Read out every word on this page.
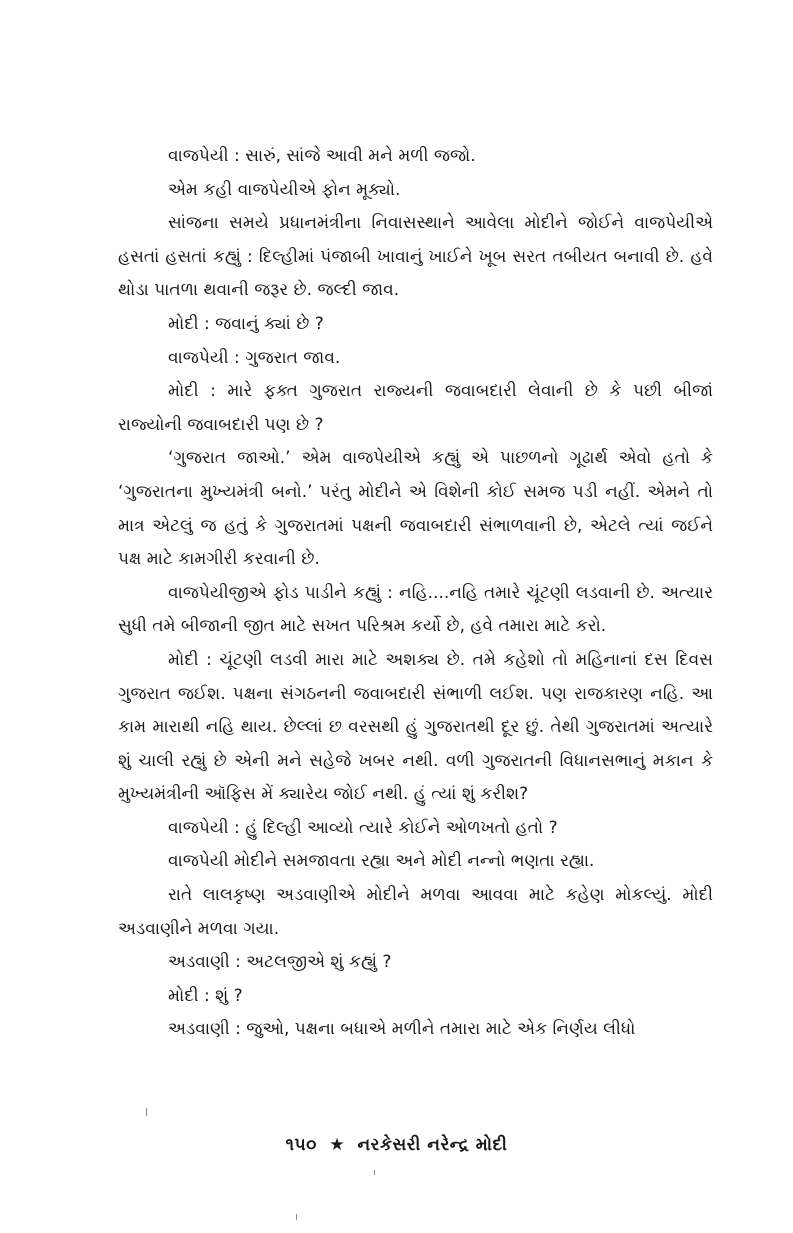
વાજપેયી : સારું, સાંજે આવી મને મળી જજો.

એમ કહી વાજપેયીએ ફોન મૂક્યો.

સાંજના સમયે પ્રધાનમંત્રીના નિવાસસ્થાને આવેલા મોદીને જોઈને વાજપેયીએ હસતાં હસતાં કહ્યું : દિલ્હીમાં પંજાબી ખાવાનું ખાઈને ખૂબ સરત તબીયત બનાવી છે. હવે થોડા પાતળા થવાની જરૂર છે. જલ્દી જાવ.

મોદી : જવાનું ક્યાં છે ?

વાજપેયી : ગુજરાત જાવ.

મોદી : મારે ફક્ત ગુજરાત રાજ્યની જવાબદારી લેવાની છે કે પછી બીજાં રાજ્યોની જવાબદારી પણ છે ?

‘ગુજરાત જાઓ.’ એમ વાજપેયીએ કહ્યું એ પાછળનો ગૂઢાર્થ એવો હતો કે ‘ગુજરાતના મુખ્યમંત્રી બનો.’ પરંતુ મોદીને એ વિશેની કોઈ સમજ પડી નહીં. એમને તો માત્ર એટલું જ હતું કે ગુજરાતમાં પક્ષની જવાબદારી સંભાળવાની છે, એટલે ત્યાં જઈને પક્ષ માટે કામગીરી કરવાની છે.

વાજપેયીજીએ ફોડ પાડીને કહ્યું : નહિ....નહિ તમારે ચૂંટણી લડવાની છે. અત્યાર સુધી તમે બીજાની જીત માટે સખત પરિશ્રમ કર્યો છે, હવે તમારા માટે કરો.

મોદી : ચૂંટણી લડવી મારા માટે અશક્ય છે. તમે કહેશો તો મહિનાનાં દસ દિવસ ગુજરાત જઈશ. પક્ષના સંગઠનની જવાબદારી સંભાળી લઈશ. પણ રાજકારણ નહિ. આ કામ મારાથી નહિ થાય. છેલ્લાં છ વરસથી હું ગુજરાતથી દૂર છું. તેથી ગુજરાતમાં અત્યારે શું ચાલી રહ્યું છે એની મને સહેજે ખબર નથી. વળી ગુજરાતની વિધાનસભાનું મકાન કે મુખ્યમંત્રીની ઑફિસ મેં ક્યારેય જોઈ નથી. હું ત્યાં શું કરીશ?

વાજપેયી : હું દિલ્હી આવ્યો ત્યારે કોઈને ઓળખતો હતો ?

વાજપેયી મોદીને સમજાવતા રહ્યા અને મોદી નન્નો ભણતા રહ્યા.

રાતે લાલકૃષ્ણ અડવાણીએ મોદીને મળવા આવવા માટે કહેણ મોકલ્યું. મોદી અડવાણીને મળવા ગયા.

અડવાણી : અટલજીએ શું કહ્યું ?

મોદી : શું ?

અડવાણી : જુઓ, પક્ષના બધાએ મળીને તમારા માટે એક નિર્ણય લીધો

૧૫૦ ★ નરકેસરી નરેન્દ્ર મોદી
